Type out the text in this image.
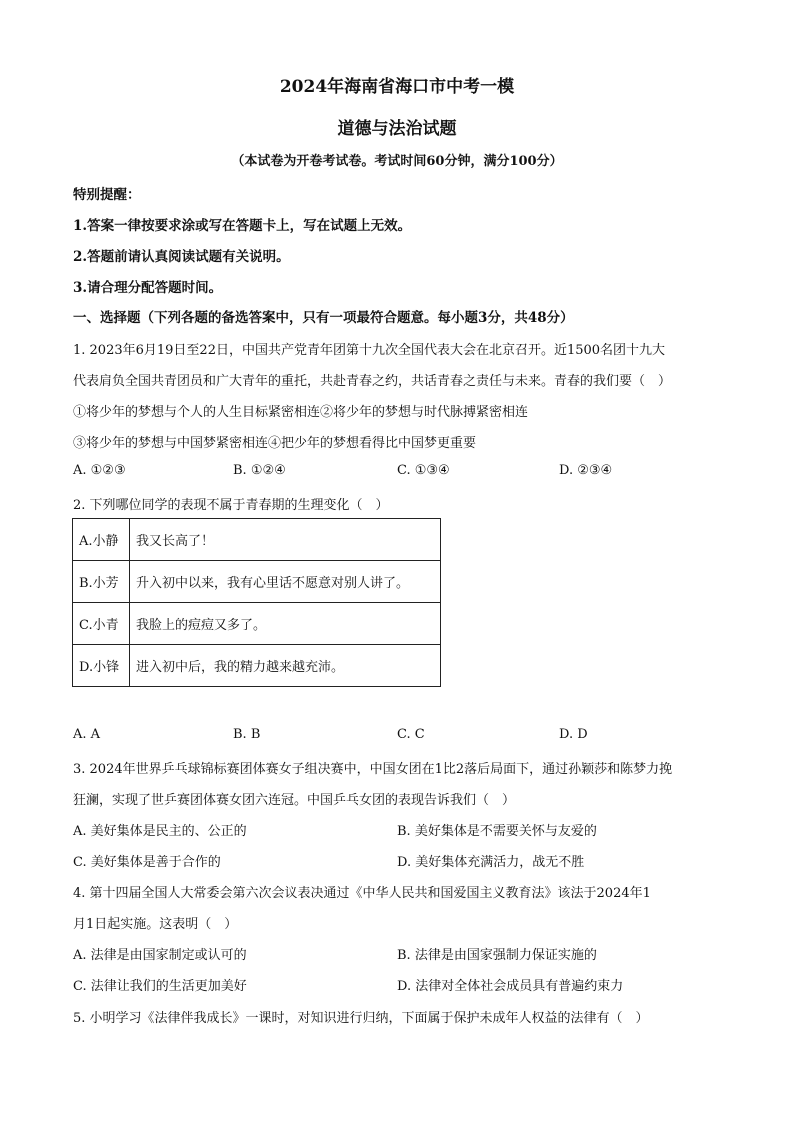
2024年海南省海口市中考一模
道德与法治试题
（本试卷为开卷考试卷。考试时间60分钟，满分100分）
特别提醒：
1.答案一律按要求涂或写在答题卡上，写在试题上无效。
2.答题前请认真阅读试题有关说明。
3.请合理分配答题时间。
一、选择题（下列各题的备选答案中，只有一项最符合题意。每小题3分，共48分）
1. 2023年6月19日至22日，中国共产党青年团第十九次全国代表大会在北京召开。近1500名团十九大
代表肩负全国共青团员和广大青年的重托，共赴青春之约，共话青春之责任与未来。青春的我们要（　）
①将少年的梦想与个人的人生目标紧密相连②将少年的梦想与时代脉搏紧密相连
③将少年的梦想与中国梦紧密相连④把少年的梦想看得比中国梦更重要
A. ①②③	B. ①②④	C. ①③④	D. ②③④
2. 下列哪位同学的表现不属于青春期的生理变化（　）
A.小静	我又长高了！
B.小芳	升入初中以来，我有心里话不愿意对别人讲了。
C.小青	我脸上的痘痘又多了。
D.小锋	进入初中后，我的精力越来越充沛。
A. A	B. B	C. C	D. D
3. 2024年世界乒乓球锦标赛团体赛女子组决赛中，中国女团在1比2落后局面下，通过孙颖莎和陈梦力挽
狂澜，实现了世乒赛团体赛女团六连冠。中国乒乓女团的表现告诉我们（　）
A. 美好集体是民主的、公正的	B. 美好集体是不需要关怀与友爱的
C. 美好集体是善于合作的	D. 美好集体充满活力，战无不胜
4. 第十四届全国人大常委会第六次会议表决通过《中华人民共和国爱国主义教育法》该法于2024年1
月1日起实施。这表明（　）
A. 法律是由国家制定或认可的	B. 法律是由国家强制力保证实施的
C. 法律让我们的生活更加美好	D. 法律对全体社会成员具有普遍约束力
5. 小明学习《法律伴我成长》一课时，对知识进行归纳，下面属于保护未成年人权益的法律有（　）
